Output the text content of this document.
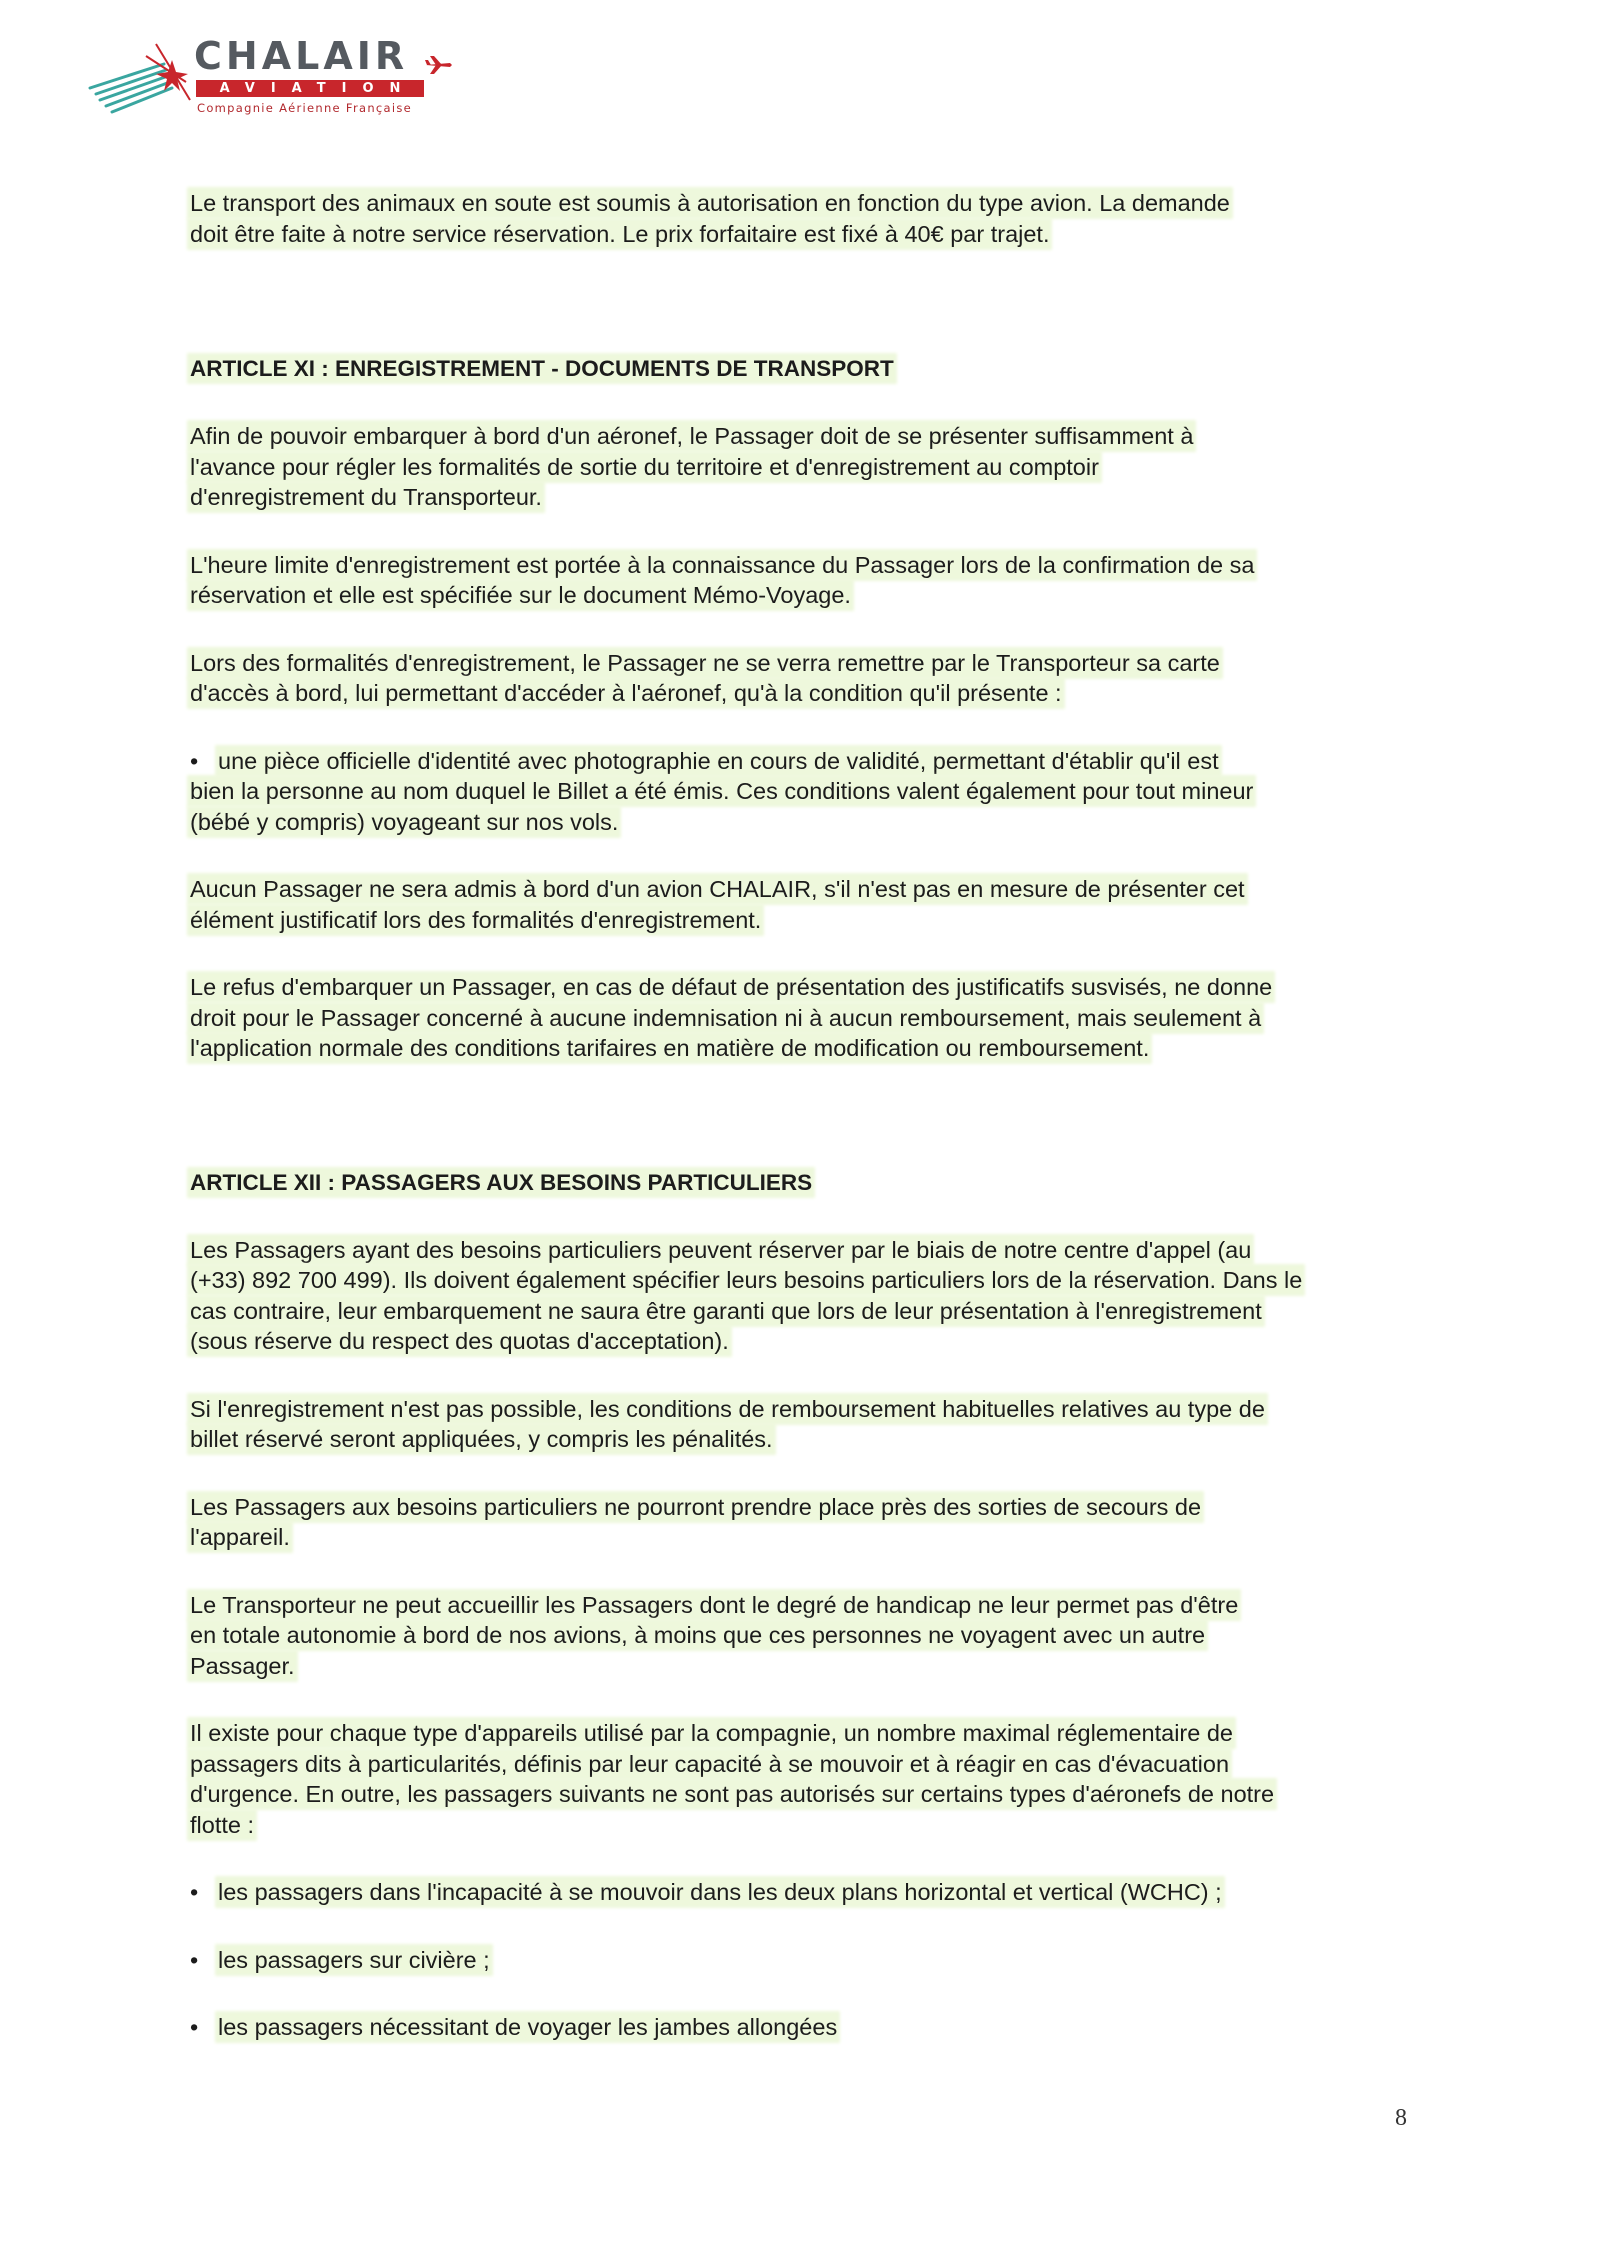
CHALAIR
AVIATION
Compagnie Aérienne Française

Le transport des animaux en soute est soumis à autorisation en fonction du type avion. La demande

doit être faite à notre service réservation. Le prix forfaitaire est fixé à 40€ par trajet.

ARTICLE XI : ENREGISTREMENT - DOCUMENTS DE TRANSPORT

Afin de pouvoir embarquer à bord d'un aéronef, le Passager doit de se présenter suffisamment à

l'avance pour régler les formalités de sortie du territoire et d'enregistrement au comptoir

d'enregistrement du Transporteur.

L'heure limite d'enregistrement est portée à la connaissance du Passager lors de la confirmation de sa

réservation et elle est spécifiée sur le document Mémo-Voyage.

Lors des formalités d'enregistrement, le Passager ne se verra remettre par le Transporteur sa carte

d'accès à bord, lui permettant d'accéder à l'aéronef, qu'à la condition qu'il présente :

• une pièce officielle d'identité avec photographie en cours de validité, permettant d'établir qu'il est

bien la personne au nom duquel le Billet a été émis. Ces conditions valent également pour tout mineur

(bébé y compris) voyageant sur nos vols.

Aucun Passager ne sera admis à bord d'un avion CHALAIR, s'il n'est pas en mesure de présenter cet

élément justificatif lors des formalités d'enregistrement.

Le refus d'embarquer un Passager, en cas de défaut de présentation des justificatifs susvisés, ne donne

droit pour le Passager concerné à aucune indemnisation ni à aucun remboursement, mais seulement à

l'application normale des conditions tarifaires en matière de modification ou remboursement.

ARTICLE XII : PASSAGERS AUX BESOINS PARTICULIERS

Les Passagers ayant des besoins particuliers peuvent réserver par le biais de notre centre d'appel (au

(+33) 892 700 499). Ils doivent également spécifier leurs besoins particuliers lors de la réservation. Dans le

cas contraire, leur embarquement ne saura être garanti que lors de leur présentation à l'enregistrement

(sous réserve du respect des quotas d'acceptation).

Si l'enregistrement n'est pas possible, les conditions de remboursement habituelles relatives au type de

billet réservé seront appliquées, y compris les pénalités.

Les Passagers aux besoins particuliers ne pourront prendre place près des sorties de secours de

l'appareil.

Le Transporteur ne peut accueillir les Passagers dont le degré de handicap ne leur permet pas d'être

en totale autonomie à bord de nos avions, à moins que ces personnes ne voyagent avec un autre

Passager.

Il existe pour chaque type d'appareils utilisé par la compagnie, un nombre maximal réglementaire de

passagers dits à particularités, définis par leur capacité à se mouvoir et à réagir en cas d'évacuation

d'urgence. En outre, les passagers suivants ne sont pas autorisés sur certains types d'aéronefs de notre

flotte :

• les passagers dans l'incapacité à se mouvoir dans les deux plans horizontal et vertical (WCHC) ;

• les passagers sur civière ;

• les passagers nécessitant de voyager les jambes allongées

8
